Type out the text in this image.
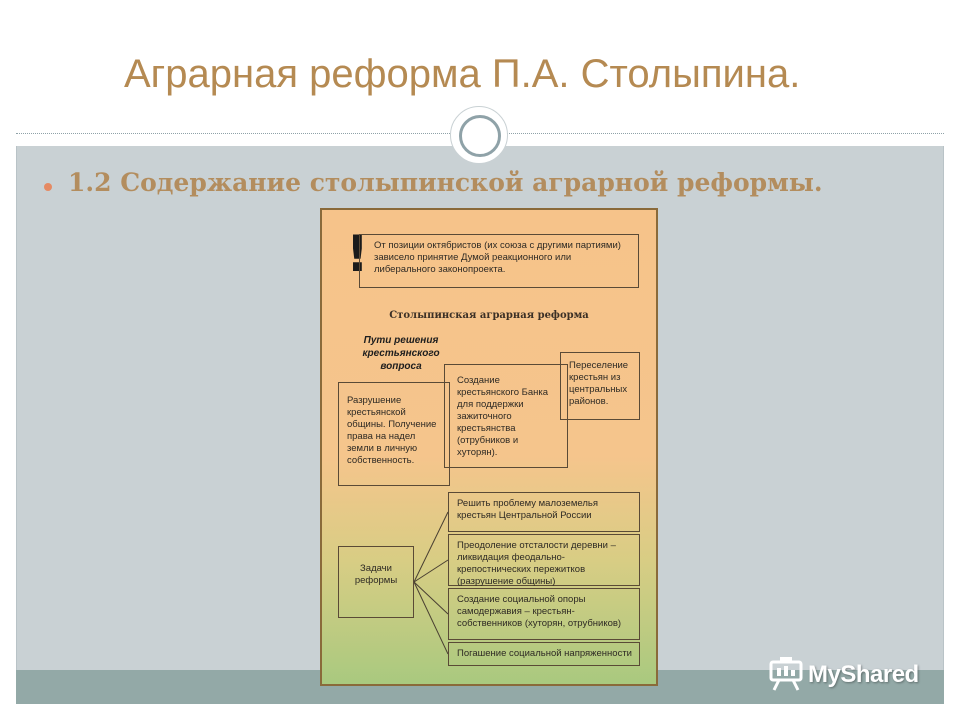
Аграрная реформа П.А. Столыпина.
1.2 Содержание столыпинской аграрной реформы.
! От позиции октябристов (их союза с другими партиями) зависело принятие Думой реакционного или либерального законопроекта.
Столыпинская аграрная реформа
Пути решения крестьянского вопроса
Разрушение крестьянской общины. Получение права на надел земли в личную собственность.
Создание крестьянского Банка для поддержки зажиточного крестьянства (отрубников и хуторян).
Переселение крестьян из центральных районов.
Задачи реформы
Решить проблему малоземелья крестьян Центральной России
Преодоление отсталости деревни – ликвидация феодально-крепостнических пережитков (разрушение общины)
Создание социальной опоры самодержавия – крестьян-собственников (хуторян, отрубников)
Погашение социальной напряженности
MyShared
